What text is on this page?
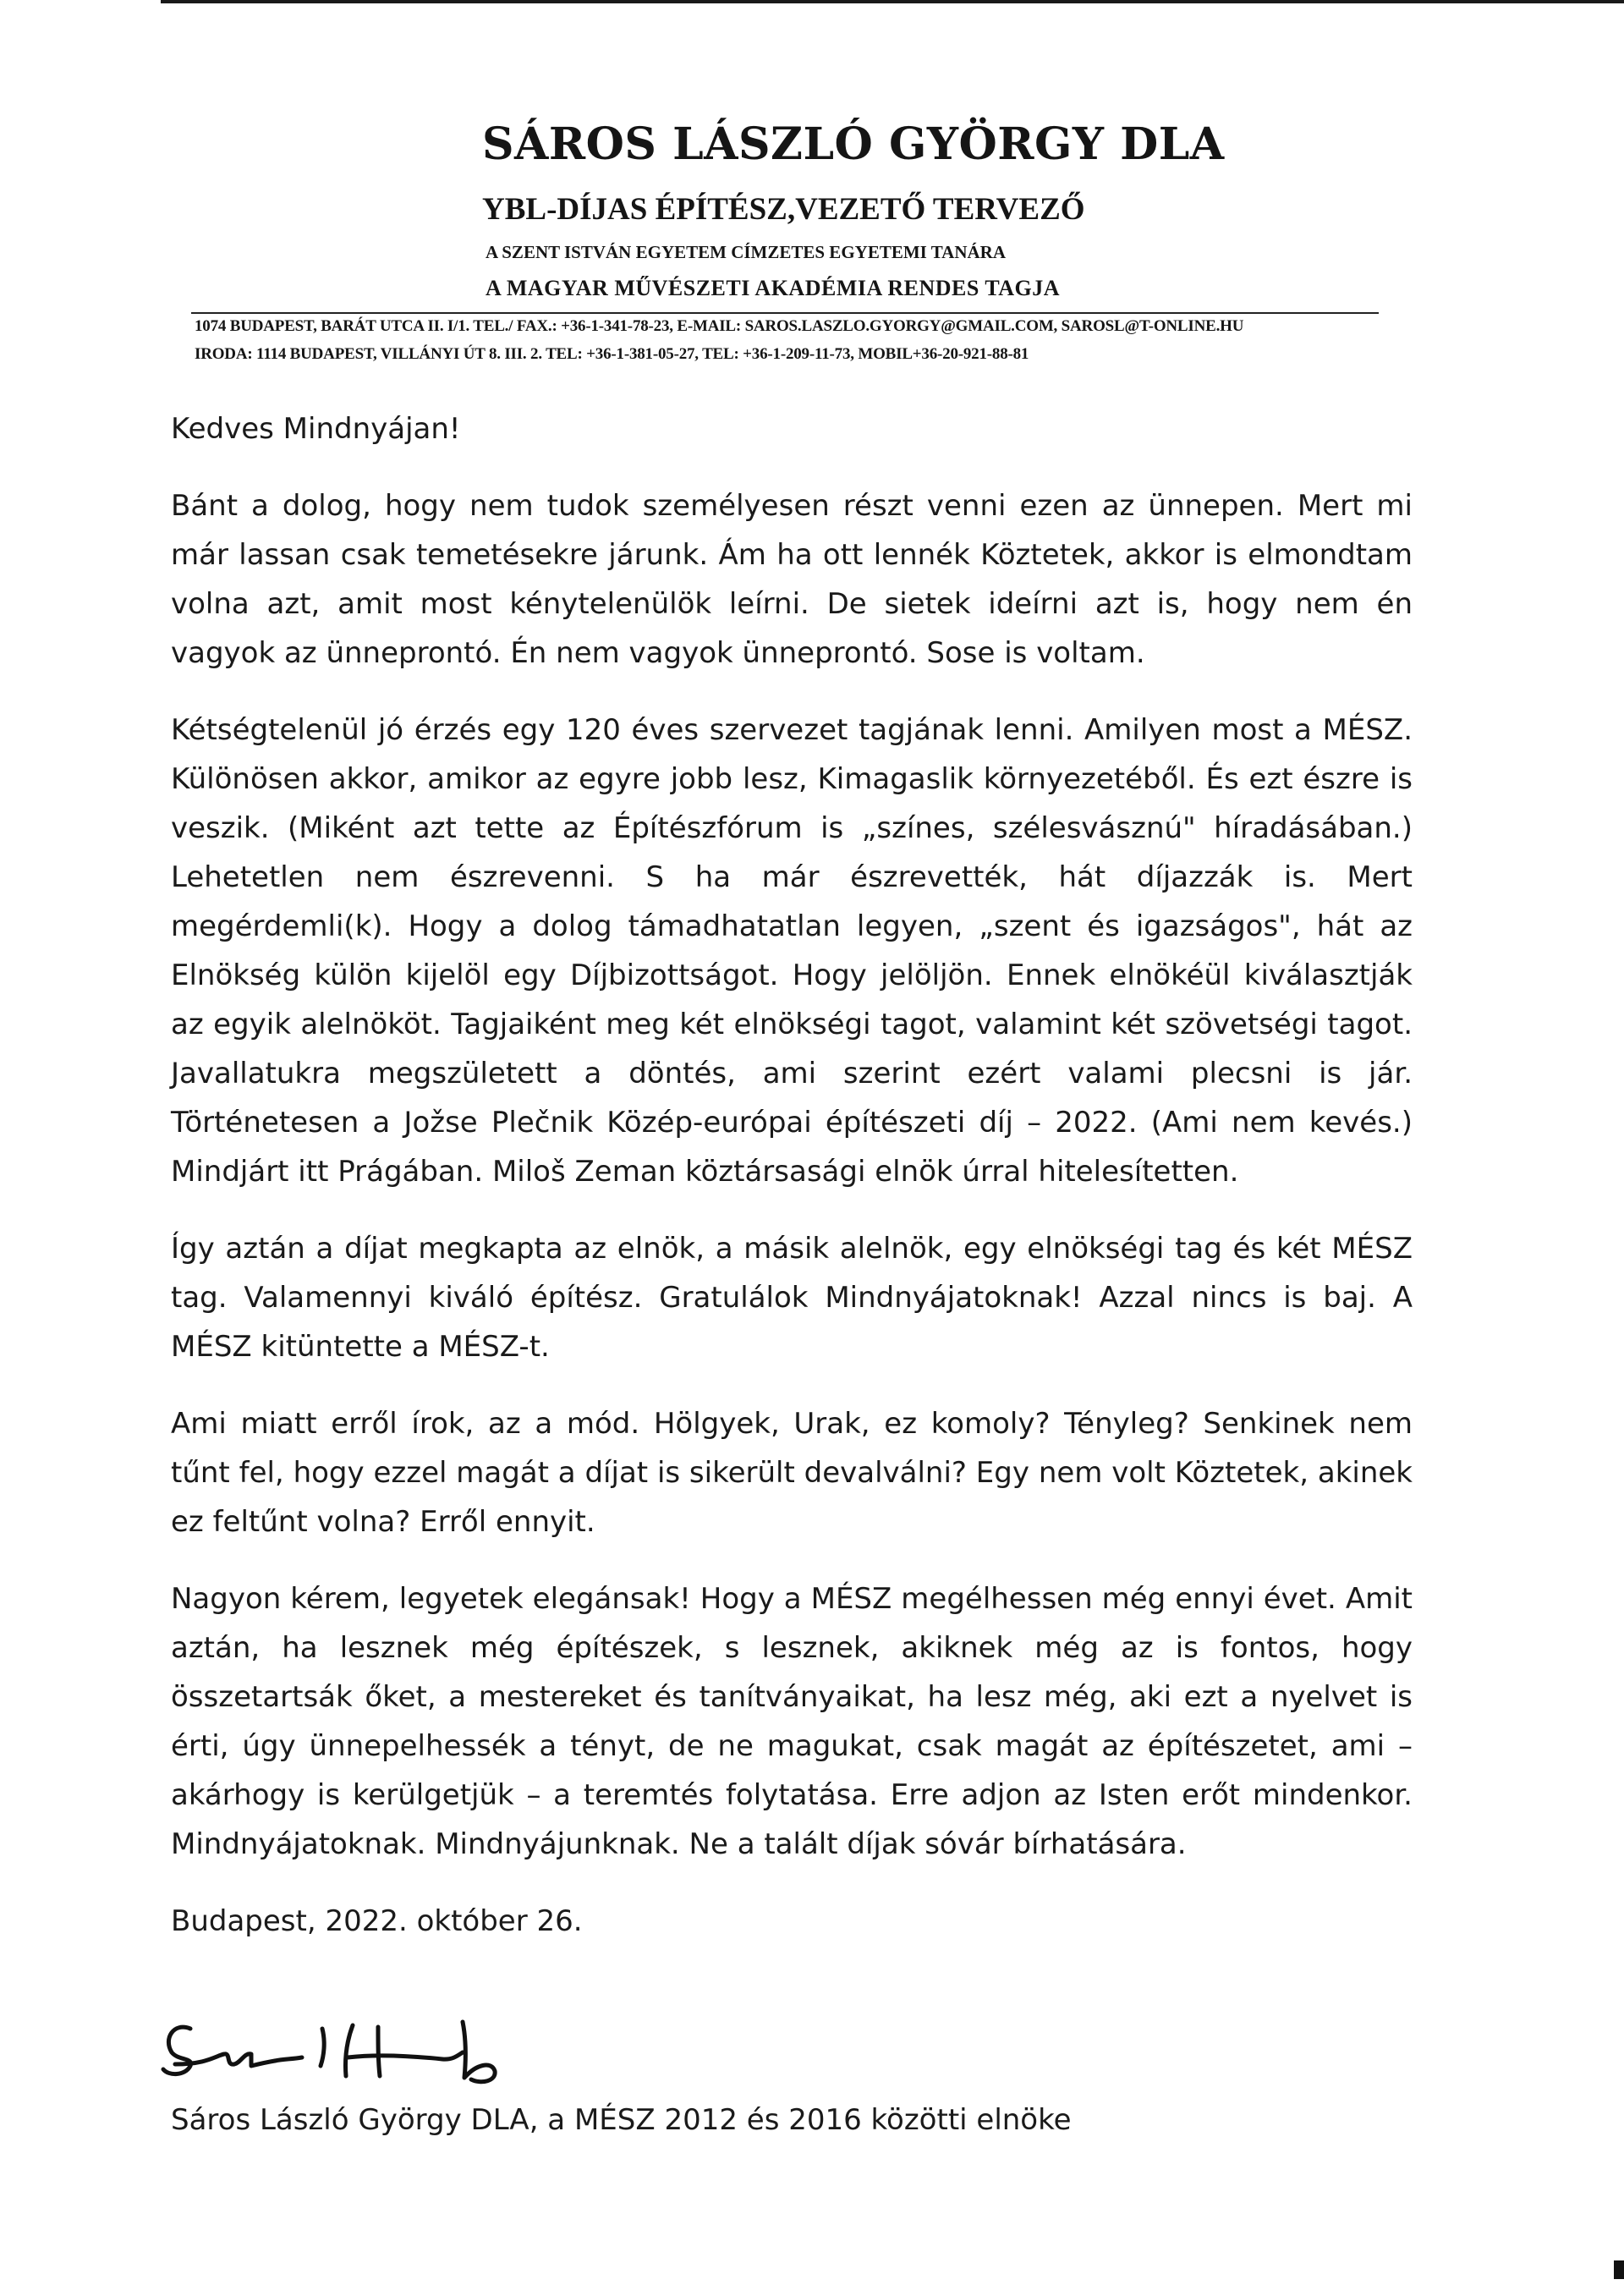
SÁROS LÁSZLÓ GYÖRGY DLA
YBL-DÍJAS ÉPÍTÉSZ,VEZETŐ TERVEZŐ
A SZENT ISTVÁN EGYETEM CÍMZETES EGYETEMI TANÁRA
A MAGYAR MŰVÉSZETI AKADÉMIA RENDES TAGJA
1074 BUDAPEST, BARÁT UTCA II. I/1. TEL./ FAX.: +36-1-341-78-23, E-MAIL: SAROS.LASZLO.GYORGY@GMAIL.COM, SAROSL@T-ONLINE.HU
IRODA: 1114 BUDAPEST, VILLÁNYI ÚT 8. III. 2. TEL: +36-1-381-05-27, TEL: +36-1-209-11-73, MOBIL+36-20-921-88-81

Kedves Mindnyájan!

Bánt a dolog, hogy nem tudok személyesen részt venni ezen az ünnepen. Mert mi már lassan csak temetésekre járunk. Ám ha ott lennék Köztetek, akkor is elmondtam volna azt, amit most kénytelenülök leírni. De sietek ideírni azt is, hogy nem én vagyok az ünneprontó. Én nem vagyok ünneprontó. Sose is voltam.

Kétségtelenül jó érzés egy 120 éves szervezet tagjának lenni. Amilyen most a MÉSZ. Különösen akkor, amikor az egyre jobb lesz, Kimagaslik környezetéből. És ezt észre is veszik. (Miként azt tette az Építészfórum is „színes, szélesvásznú" híradásában.) Lehetetlen nem észrevenni. S ha már észrevették, hát díjazzák is. Mert megérdemli(k). Hogy a dolog támadhatatlan legyen, „szent és igazságos", hát az Elnökség külön kijelöl egy Díjbizottságot. Hogy jelöljön. Ennek elnökéül kiválasztják az egyik alelnököt. Tagjaiként meg két elnökségi tagot, valamint két szövetségi tagot. Javallatukra megszületett a döntés, ami szerint ezért valami plecsni is jár. Történetesen a Jožse Plečnik Közép-európai építészeti díj – 2022. (Ami nem kevés.) Mindjárt itt Prágában. Miloš Zeman köztársasági elnök úrral hitelesítetten.

Így aztán a díjat megkapta az elnök, a másik alelnök, egy elnökségi tag és két MÉSZ tag. Valamennyi kiváló építész. Gratulálok Mindnyájatoknak! Azzal nincs is baj. A MÉSZ kitüntette a MÉSZ-t.

Ami miatt erről írok, az a mód. Hölgyek, Urak, ez komoly? Tényleg? Senkinek nem tűnt fel, hogy ezzel magát a díjat is sikerült devalválni? Egy nem volt Köztetek, akinek ez feltűnt volna? Erről ennyit.

Nagyon kérem, legyetek elegánsak! Hogy a MÉSZ megélhessen még ennyi évet. Amit aztán, ha lesznek még építészek, s lesznek, akiknek még az is fontos, hogy összetartsák őket, a mestereket és tanítványaikat, ha lesz még, aki ezt a nyelvet is érti, úgy ünnepelhessék a tényt, de ne magukat, csak magát az építészetet, ami – akárhogy is kerülgetjük – a teremtés folytatása. Erre adjon az Isten erőt mindenkor. Mindnyájatoknak. Mindnyájunknak. Ne a talált díjak sóvár bírhatására.

Budapest, 2022. október 26.

Sáros László György DLA, a MÉSZ 2012 és 2016 közötti elnöke
